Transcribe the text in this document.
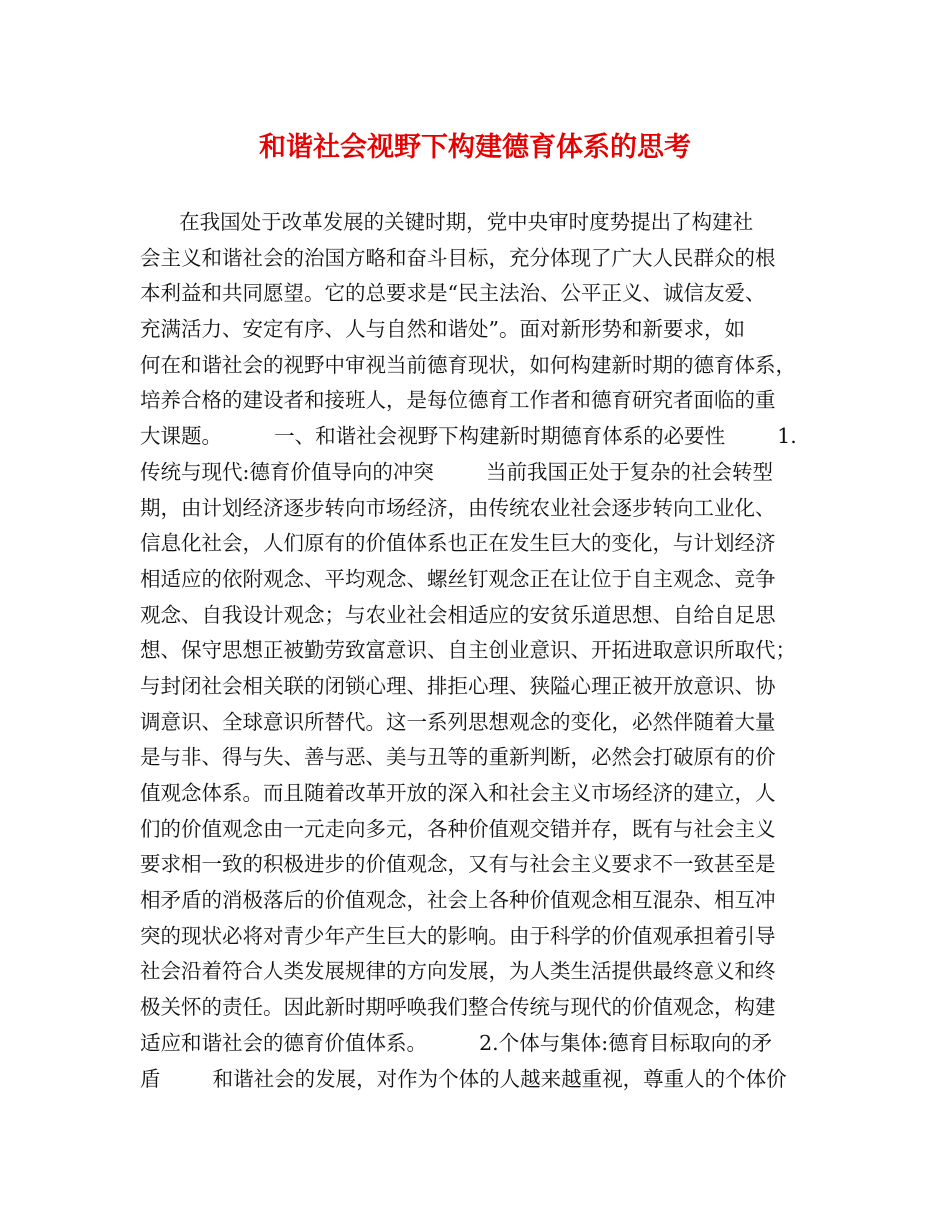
和谐社会视野下构建德育体系的思考
在我国处于改革发展的关键时期，党中央审时度势提出了构建社
会主义和谐社会的治国方略和奋斗目标，充分体现了广大人民群众的根
本利益和共同愿望。它的总要求是“民主法治、公平正义、诚信友爱、
充满活力、安定有序、人与自然和谐处”。面对新形势和新要求，如
何在和谐社会的视野中审视当前德育现状，如何构建新时期的德育体系，
培养合格的建设者和接班人，是每位德育工作者和德育研究者面临的重
大课题。        一、和谐社会视野下构建新时期德育体系的必要性        1.
传统与现代:德育价值导向的冲突        当前我国正处于复杂的社会转型
期，由计划经济逐步转向市场经济，由传统农业社会逐步转向工业化、
信息化社会，人们原有的价值体系也正在发生巨大的变化，与计划经济
相适应的依附观念、平均观念、螺丝钉观念正在让位于自主观念、竞争
观念、自我设计观念；与农业社会相适应的安贫乐道思想、自给自足思
想、保守思想正被勤劳致富意识、自主创业意识、开拓进取意识所取代；
与封闭社会相关联的闭锁心理、排拒心理、狭隘心理正被开放意识、协
调意识、全球意识所替代。这一系列思想观念的变化，必然伴随着大量
是与非、得与失、善与恶、美与丑等的重新判断，必然会打破原有的价
值观念体系。而且随着改革开放的深入和社会主义市场经济的建立，人
们的价值观念由一元走向多元，各种价值观交错并存，既有与社会主义
要求相一致的积极进步的价值观念，又有与社会主义要求不一致甚至是
相矛盾的消极落后的价值观念，社会上各种价值观念相互混杂、相互冲
突的现状必将对青少年产生巨大的影响。由于科学的价值观承担着引导
社会沿着符合人类发展规律的方向发展，为人类生活提供最终意义和终
极关怀的责任。因此新时期呼唤我们整合传统与现代的价值观念，构建
适应和谐社会的德育价值体系。        2.个体与集体:德育目标取向的矛
盾        和谐社会的发展，对作为个体的人越来越重视，尊重人的个体价
